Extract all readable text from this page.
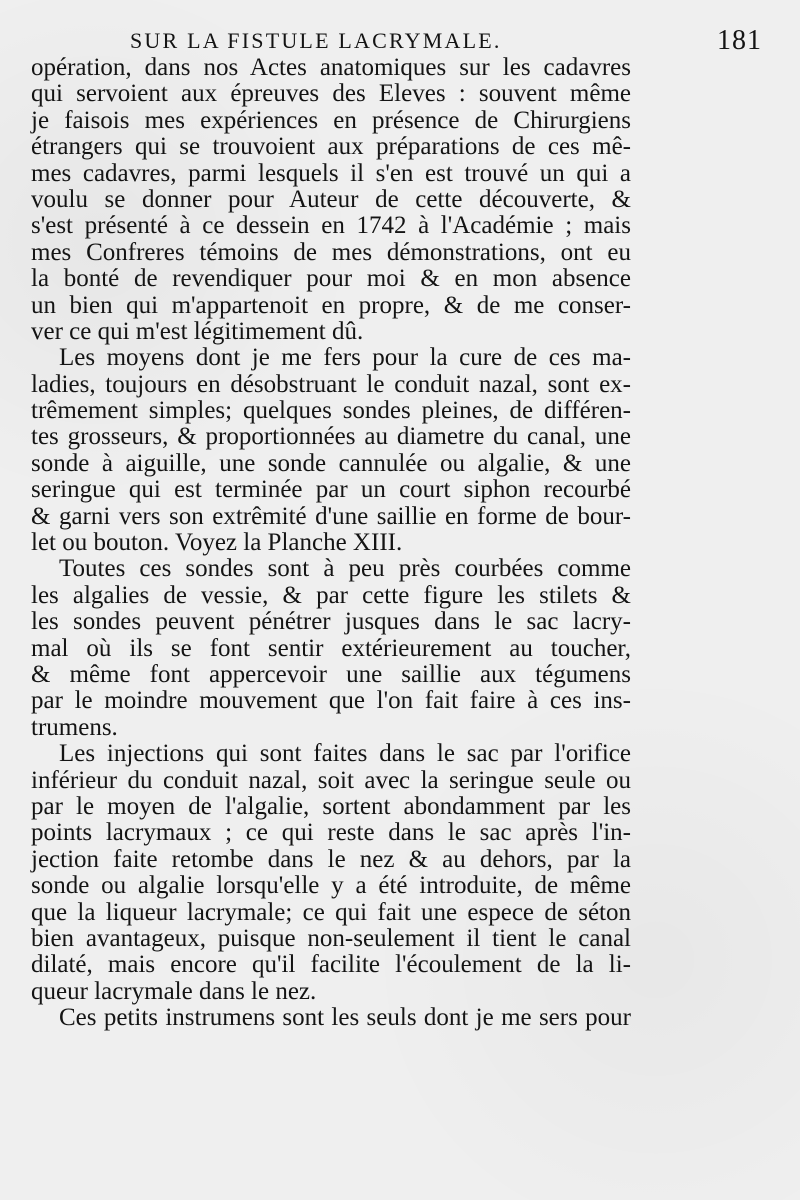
SUR LA FISTULE LACRYMALE.	181
opération, dans nos Actes anatomiques sur les cadavres
qui servoient aux épreuves des Eleves : souvent même
je faisois mes expériences en présence de Chirurgiens
étrangers qui se trouvoient aux préparations de ces mê-
mes cadavres, parmi lesquels il s'en est trouvé un qui a
voulu se donner pour Auteur de cette découverte, &
s'est présenté à ce dessein en 1742 à l'Académie ; mais
mes Confreres témoins de mes démonstrations, ont eu
la bonté de revendiquer pour moi & en mon absence
un bien qui m'appartenoit en propre, & de me conser-
ver ce qui m'est légitimement dû.
Les moyens dont je me fers pour la cure de ces ma-
ladies, toujours en désobstruant le conduit nazal, sont ex-
trêmement simples; quelques sondes pleines, de différen-
tes grosseurs, & proportionnées au diametre du canal, une
sonde à aiguille, une sonde cannulée ou algalie, & une
seringue qui est terminée par un court siphon recourbé
& garni vers son extrêmité d'une saillie en forme de bour-
let ou bouton. Voyez la Planche XIII.
Toutes ces sondes sont à peu près courbées comme
les algalies de vessie, & par cette figure les stilets &
les sondes peuvent pénétrer jusques dans le sac lacry-
mal où ils se font sentir extérieurement au toucher,
& même font appercevoir une saillie aux tégumens
par le moindre mouvement que l'on fait faire à ces ins-
trumens.
Les injections qui sont faites dans le sac par l'orifice
inférieur du conduit nazal, soit avec la seringue seule ou
par le moyen de l'algalie, sortent abondamment par les
points lacrymaux ; ce qui reste dans le sac après l'in-
jection faite retombe dans le nez & au dehors, par la
sonde ou algalie lorsqu'elle y a été introduite, de même
que la liqueur lacrymale; ce qui fait une espece de séton
bien avantageux, puisque non-seulement il tient le canal
dilaté, mais encore qu'il facilite l'écoulement de la li-
queur lacrymale dans le nez.
Ces petits instrumens sont les seuls dont je me sers pour
